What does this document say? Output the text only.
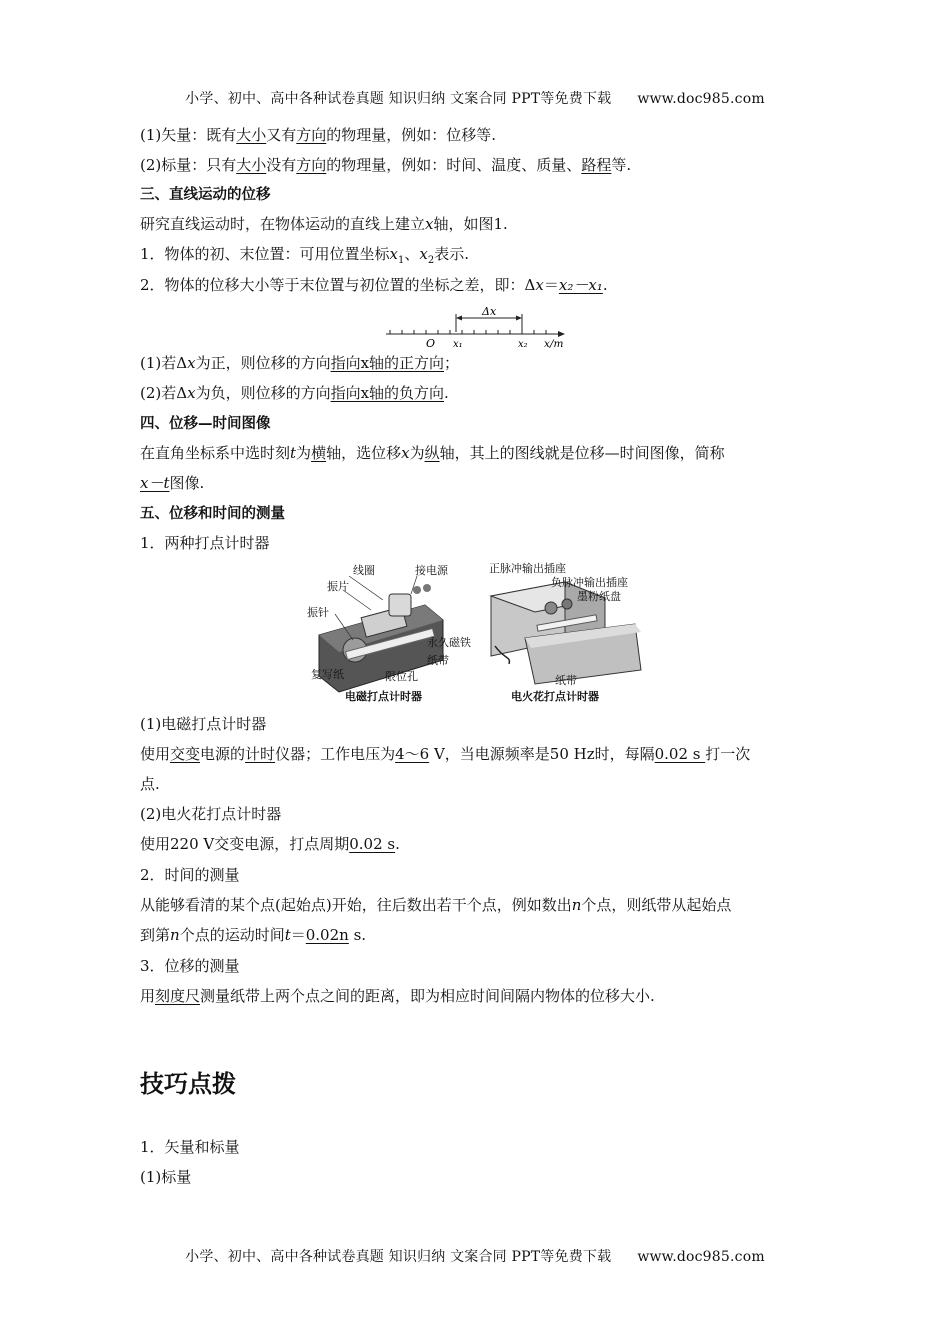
小学、初中、高中各种试卷真题 知识归纳 文案合同 PPT等免费下载 www.doc985.com
(1)矢量：既有大小又有方向的物理量，例如：位移等.
(2)标量：只有大小没有方向的物理量，例如：时间、温度、质量、路程等.
三、直线运动的位移
研究直线运动时，在物体运动的直线上建立x轴，如图1.
1．物体的初、末位置：可用位置坐标$x_1$、$x_2$表示.
2．物体的位移大小等于末位置与初位置的坐标之差，即：Δx＝x₂－x₁.
Δx
O x₁	x₂ x/m
(1)若Δx为正，则位移的方向指向x轴的正方向；
(2)若Δx为负，则位移的方向指向x轴的负方向.
四、位移—时间图像
在直角坐标系中选时刻t为横轴，选位移x为纵轴，其上的图线就是位移—时间图像，简称
x－t图像.
五、位移和时间的测量
1．两种打点计时器
线圈
振片
振针
接电源
永久磁铁
纸带
复写纸	限位孔
电磁打点计时器
正脉冲输出插座
负脉冲输出插座
墨粉纸盘
纸带
电火花打点计时器
(1)电磁打点计时器
使用交变电源的计时仪器；工作电压为4～6 V，当电源频率是50 Hz时，每隔0.02 s 打一次
点.
(2)电火花打点计时器
使用220 V交变电源，打点周期0.02 s.
2．时间的测量
从能够看清的某个点(起始点)开始，往后数出若干个点，例如数出n个点，则纸带从起始点
到第n个点的运动时间t＝0.02n s.
3．位移的测量
用刻度尺测量纸带上两个点之间的距离，即为相应时间间隔内物体的位移大小.
技巧点拨
1．矢量和标量
(1)标量
小学、初中、高中各种试卷真题 知识归纳 文案合同 PPT等免费下载 www.doc985.com
